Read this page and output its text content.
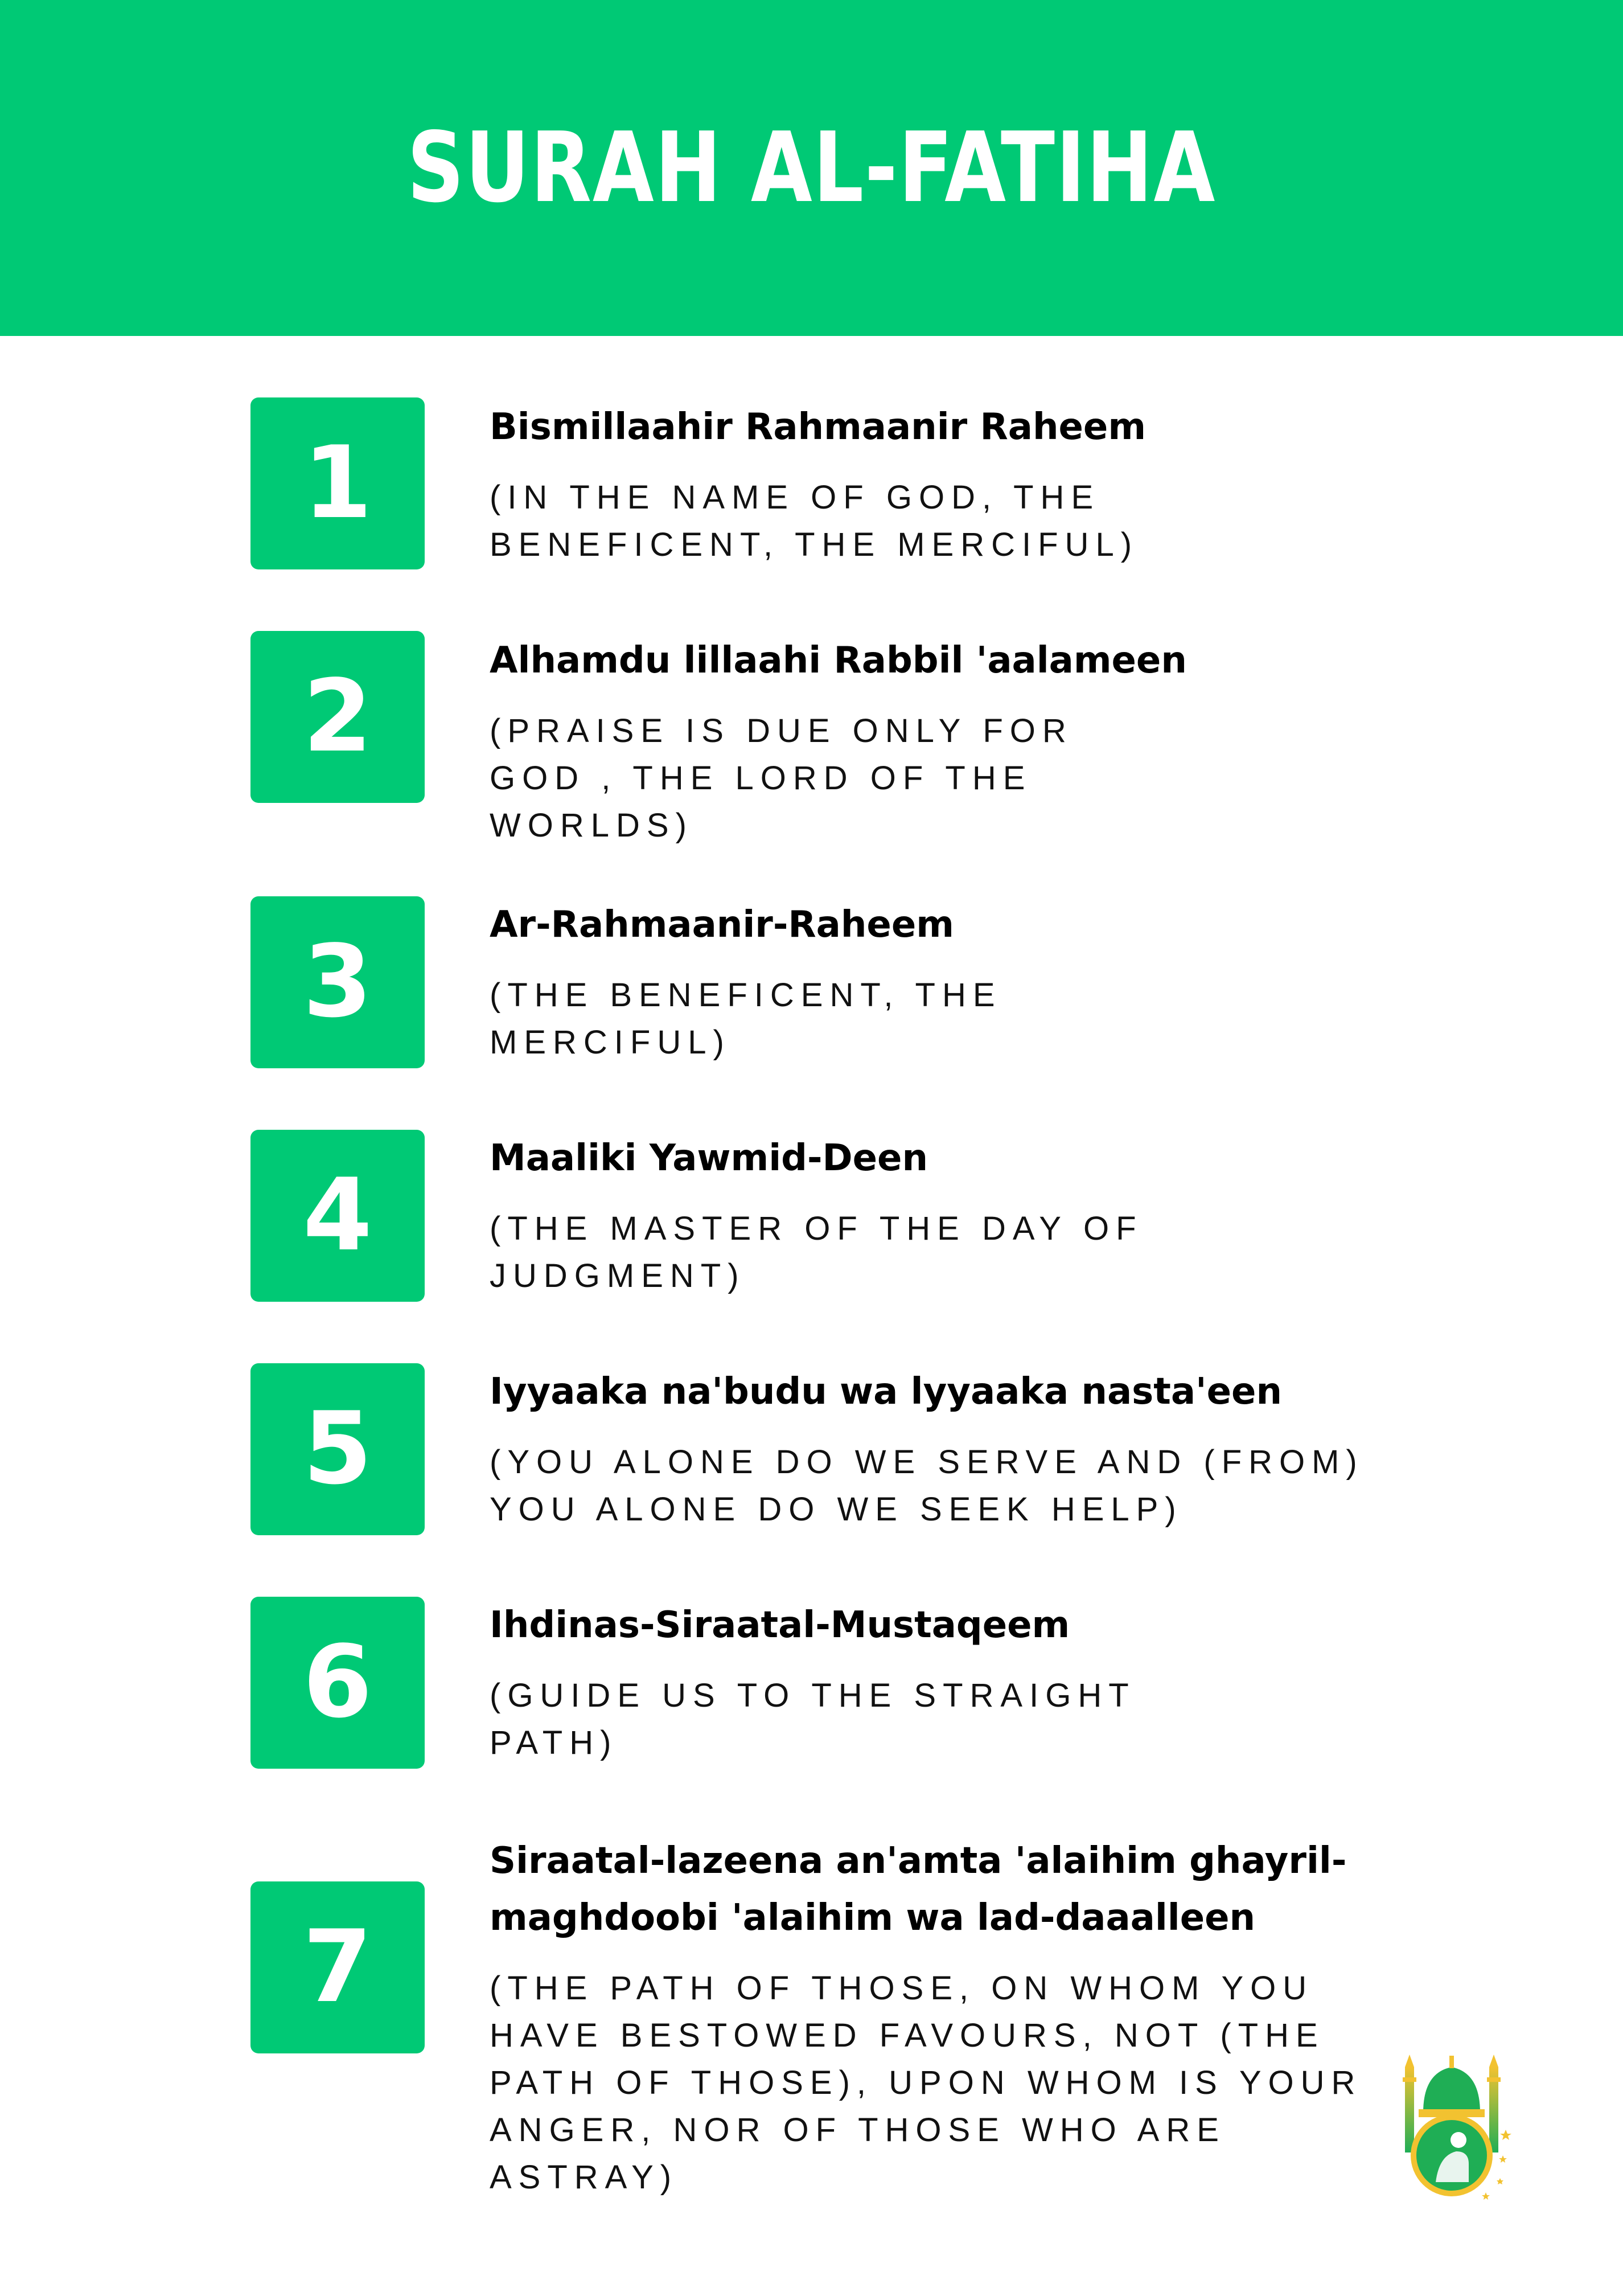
SURAH AL-FATIHA
1	Bismillaahir Rahmaanir Raheem
(IN THE NAME OF GOD, THE
BENEFICENT, THE MERCIFUL)
2	Alhamdu lillaahi Rabbil 'aalameen
(PRAISE IS DUE ONLY FOR
GOD , THE LORD OF THE
WORLDS)
3	Ar-Rahmaanir-Raheem
(THE BENEFICENT, THE
MERCIFUL)
4	Maaliki Yawmid-Deen
(THE MASTER OF THE DAY OF
JUDGMENT)
5	Iyyaaka na'budu wa lyyaaka nasta'een
(YOU ALONE DO WE SERVE AND (FROM)
YOU ALONE DO WE SEEK HELP)
6	Ihdinas-Siraatal-Mustaqeem
(GUIDE US TO THE STRAIGHT
PATH)
7
Siraatal-lazeena an'amta 'alaihim ghayril-
maghdoobi 'alaihim wa lad-daaalleen
(THE PATH OF THOSE, ON WHOM YOU
HAVE BESTOWED FAVOURS, NOT (THE
PATH OF THOSE), UPON WHOM IS YOUR
ANGER, NOR OF THOSE WHO ARE
ASTRAY)
